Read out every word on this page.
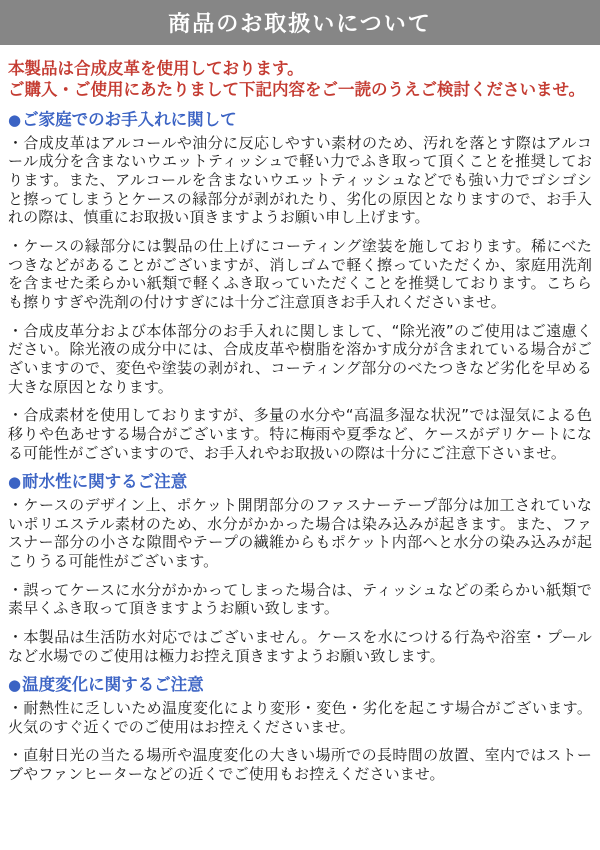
商品のお取扱いについて
本製品は合成皮革を使用しております。
ご購入・ご使用にあたりまして下記内容をご一読のうえご検討くださいませ。
● ご家庭でのお手入れに関して

・合成皮革はアルコールや油分に反応しやすい素材のため、汚れを落とす際はアルコール成分を含まないウエットティッシュで軽い力でふき取って頂くことを推奨しております。また、アルコールを含まないウエットティッシュなどでも強い力でゴシゴシと擦ってしまうとケースの縁部分が剥がれたり、劣化の原因となりますので、お手入れの際は、慎重にお取扱い頂きますようお願い申し上げます。

・ケースの縁部分には製品の仕上げにコーティング塗装を施しております。稀にべたつきなどがあることがございますが、消しゴムで軽く擦っていただくか、家庭用洗剤を含ませた柔らかい紙類で軽くふき取っていただくことを推奨しております。こちらも擦りすぎや洗剤の付けすぎには十分ご注意頂きお手入れくださいませ。

・合成皮革分および本体部分のお手入れに関しまして、“除光液”のご使用はご遠慮ください。除光液の成分中には、合成皮革や樹脂を溶かす成分が含まれている場合がございますので、変色や塗装の剥がれ、コーティング部分のべたつきなど劣化を早める大きな原因となります。

・合成素材を使用しておりますが、多量の水分や“高温多湿な状況”では湿気による色移りや色あせする場合がございます。特に梅雨や夏季など、ケースがデリケートになる可能性がございますので、お手入れやお取扱いの際は十分にご注意下さいませ。

● 耐水性に関するご注意

・ケースのデザイン上、ポケット開閉部分のファスナーテープ部分は加工されていないポリエステル素材のため、水分がかかった場合は染み込みが起きます。また、ファスナー部分の小さな隙間やテープの繊維からもポケット内部へと水分の染み込みが起こりうる可能性がございます。

・誤ってケースに水分がかかってしまった場合は、ティッシュなどの柔らかい紙類で素早くふき取って頂きますようお願い致します。

・本製品は生活防水対応ではございません。ケースを水につける行為や浴室・プールなど水場でのご使用は極力お控え頂きますようお願い致します。

● 温度変化に関するご注意

・耐熱性に乏しいため温度変化により変形・変色・劣化を起こす場合がございます。火気のすぐ近くでのご使用はお控えくださいませ。

・直射日光の当たる場所や温度変化の大きい場所での長時間の放置、室内ではストーブやファンヒーターなどの近くでご使用もお控えくださいませ。
